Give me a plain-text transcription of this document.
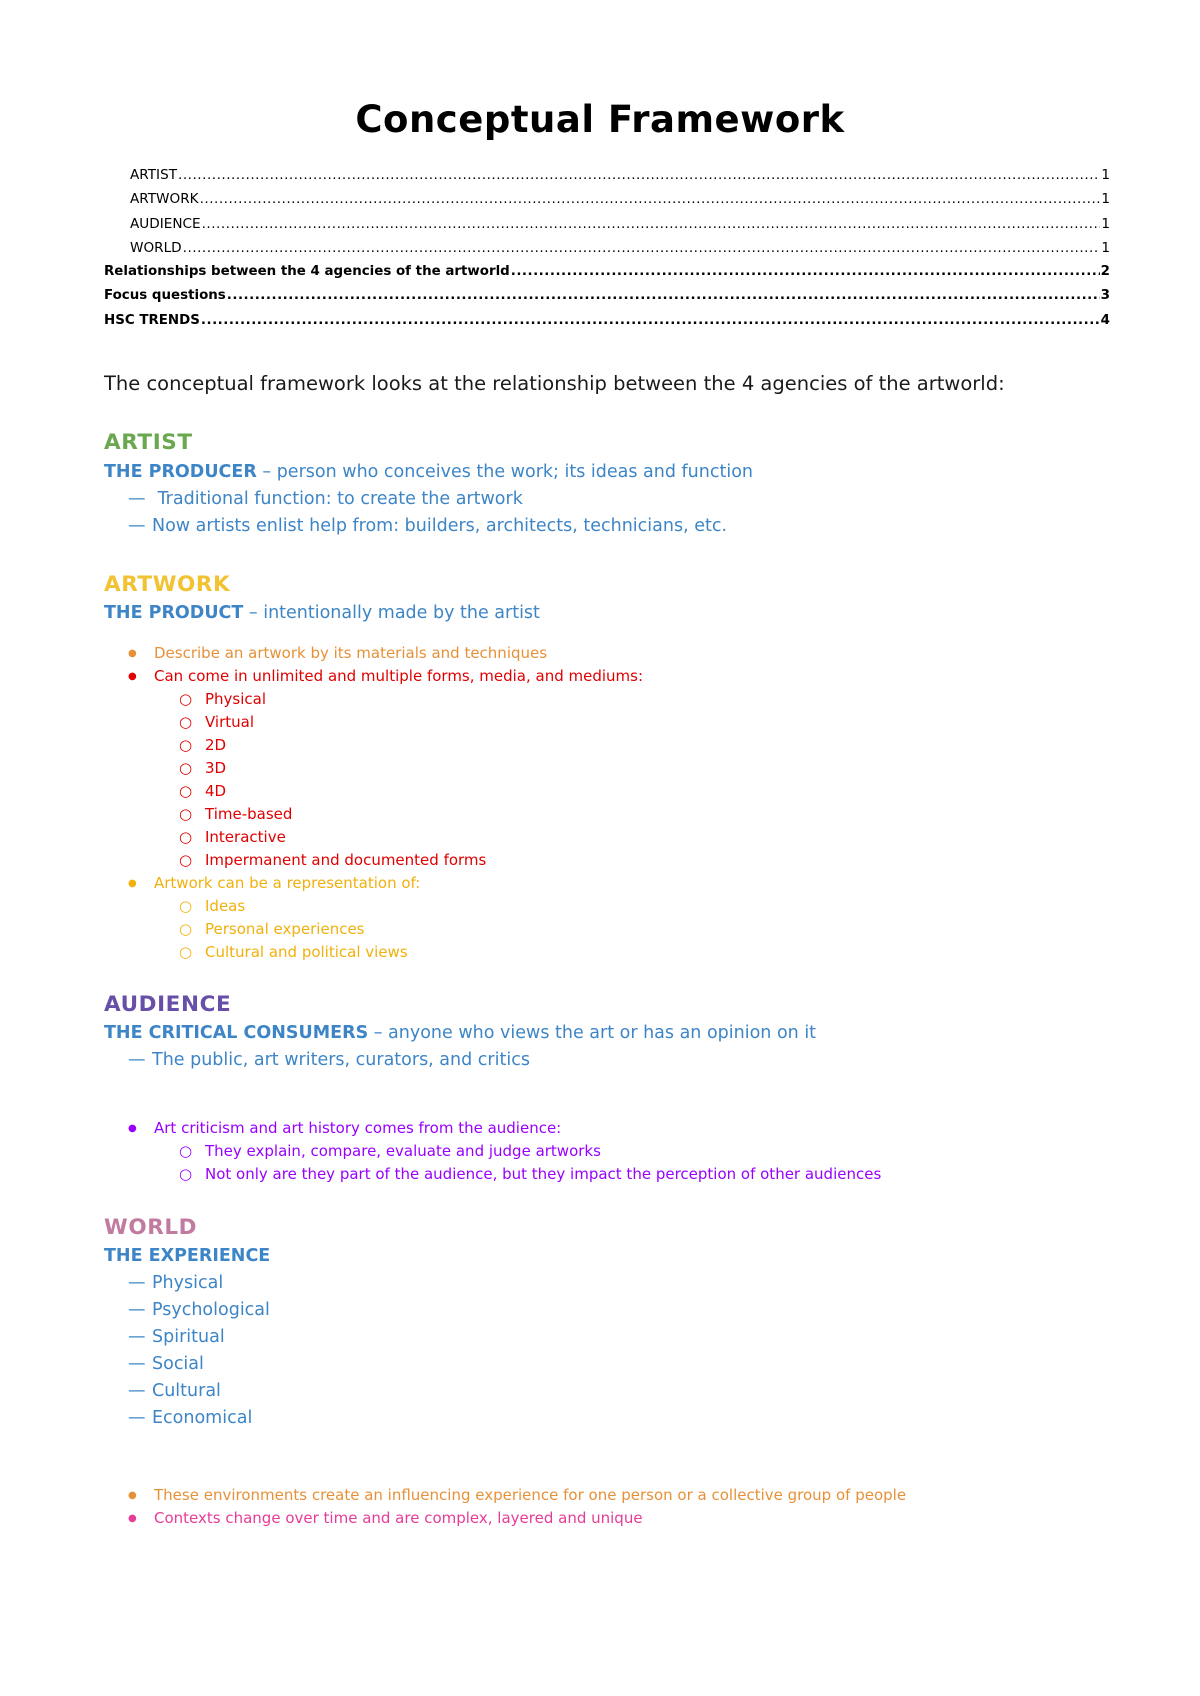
Conceptual Framework
ARTIST .....	1
ARTWORK .....	1
AUDIENCE .....	1
WORLD .....	1
Relationships between the 4 agencies of the artworld .....	2
Focus questions .....	3
HSC TRENDS .....	4
The conceptual framework looks at the relationship between the 4 agencies of the artworld:
ARTIST
THE PRODUCER – person who conceives the work; its ideas and function
— Traditional function: to create the artwork
— Now artists enlist help from: builders, architects, technicians, etc.
ARTWORK
THE PRODUCT – intentionally made by the artist
● Describe an artwork by its materials and techniques
● Can come in unlimited and multiple forms, media, and mediums:
○ Physical
○ Virtual
○ 2D
○ 3D
○ 4D
○ Time-based
○ Interactive
○ Impermanent and documented forms
● Artwork can be a representation of:
○ Ideas
○ Personal experiences
○ Cultural and political views
AUDIENCE
THE CRITICAL CONSUMERS – anyone who views the art or has an opinion on it
— The public, art writers, curators, and critics
● Art criticism and art history comes from the audience:
○ They explain, compare, evaluate and judge artworks
○ Not only are they part of the audience, but they impact the perception of other audiences
WORLD
THE EXPERIENCE
— Physical
— Psychological
— Spiritual
— Social
— Cultural
— Economical
● These environments create an influencing experience for one person or a collective group of people
● Contexts change over time and are complex, layered and unique
